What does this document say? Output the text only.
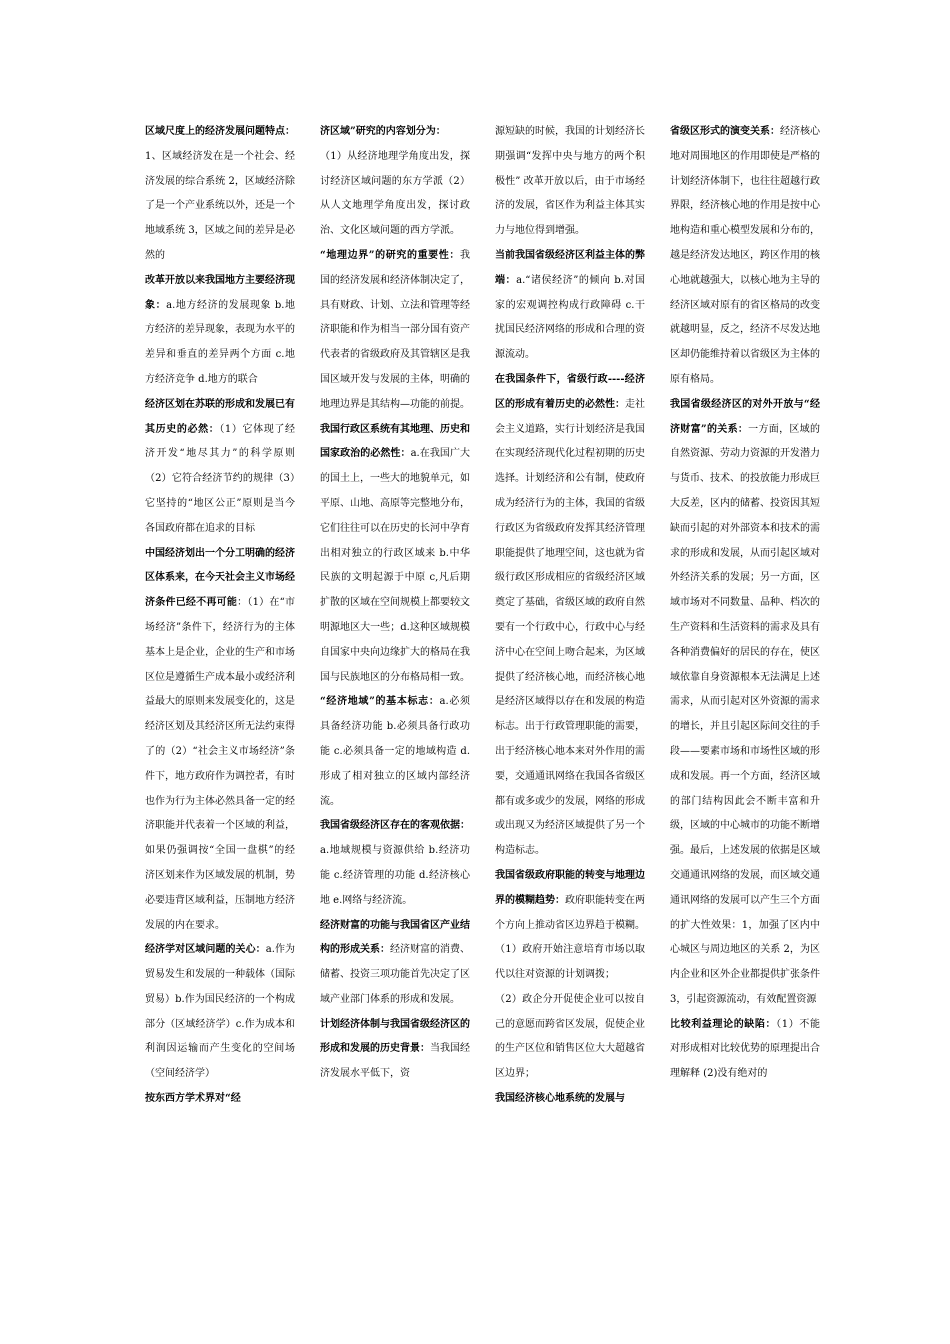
区域尺度上的经济发展问题特点：1、区域经济发在是一个社会、经济发展的综合系统 2，区域经济除了是一个产业系统以外，还是一个地域系统 3，区域之间的差异是必然的

改革开放以来我国地方主要经济现象：a.地方经济的发展现象 b.地方经济的差异现象，表现为水平的差异和垂直的差异两个方面 c.地方经济竞争 d.地方的联合

经济区划在苏联的形成和发展已有其历史的必然：（1）它体现了经济开发“地尽其力”的科学原则（2）它符合经济节约的规律（3）它坚持的“地区公正”原则是当今各国政府都在追求的目标

中国经济划出一个分工明确的经济区体系来，在今天社会主义市场经济条件已经不再可能：（1）在“市场经济”条件下，经济行为的主体基本上是企业，企业的生产和市场区位是遵循生产成本最小或经济利益最大的原则来发展变化的，这是经济区划及其经济区所无法约束得了的（2）“社会主义市场经济”条件下，地方政府作为调控者，有时也作为行为主体必然具备一定的经济职能并代表着一个区域的利益，如果仍强调按“全国一盘棋”的经济区划来作为区域发展的机制，势必要违背区域利益，压制地方经济发展的内在要求。

经济学对区域问题的关心：a.作为贸易发生和发展的一种载体（国际贸易）b.作为国民经济的一个构成部分（区域经济学）c.作为成本和利润因运输而产生变化的空间场（空间经济学）

按东西方学术界对“经

济区域”研究的内容划分为：

（1）从经济地理学角度出发，探讨经济区域问题的东方学派（2）从人文地理学角度出发，探讨政治、文化区域问题的西方学派。

“地理边界”的研究的重要性：我国的经济发展和经济体制决定了，具有财政、计划、立法和管理等经济职能和作为相当一部分国有资产代表者的省级政府及其管辖区是我国区域开发与发展的主体，明确的地理边界是其结构—功能的前提。

我国行政区系统有其地理、历史和国家政治的必然性：a.在我国广大的国土上，一些大的地貌单元，如平原、山地、高原等完整地分布，它们往往可以在历史的长河中孕育出相对独立的行政区域来 b.中华民族的文明起源于中原 c,凡后期扩散的区域在空间规模上都要较文明源地区大一些；d.这种区域规模自国家中央向边缘扩大的格局在我国与民族地区的分布格局相一致。

“经济地域”的基本标志：a.必须具备经济功能 b.必须具备行政功能 c.必须具备一定的地域构造 d.形成了相对独立的区域内部经济流。

我国省级经济区存在的客观依据：a.地域规模与资源供给 b.经济功能 c.经济管理的功能 d.经济核心地 e.网络与经济流。

经济财富的功能与我国省区产业结构的形成关系：经济财富的消费、储蓄、投资三项功能首先决定了区域产业部门体系的形成和发展。

计划经济体制与我国省级经济区的形成和发展的历史背景：当我国经济发展水平低下，资

源短缺的时候，我国的计划经济长期强调“发挥中央与地方的两个积极性” 改革开放以后，由于市场经济的发展，省区作为利益主体其实力与地位得到增强。

当前我国省级经济区利益主体的弊端：a.“诸侯经济”的倾向 b.对国家的宏观调控构成行政障碍 c.干扰国民经济网络的形成和合理的资源流动。

在我国条件下，省级行政----经济区的形成有着历史的必然性：走社会主义道路，实行计划经济是我国在实现经济现代化过程初期的历史选择。计划经济和公有制，使政府成为经济行为的主体，我国的省级行政区为省级政府发挥其经济管理职能提供了地理空间，这也就为省级行政区形成相应的省级经济区域奠定了基础，省级区域的政府自然要有一个行政中心，行政中心与经济中心在空间上吻合起来，为区域提供了经济核心地，而经济核心地是经济区域得以存在和发展的构造标志。出于行政管理职能的需要，出于经济核心地本来对外作用的需要，交通通讯网络在我国各省级区都有或多或少的发展，网络的形成或出现又为经济区域提供了另一个构造标志。

我国省级政府职能的转变与地理边界的模糊趋势：政府职能转变在两个方向上推动省区边界趋于模糊。（1）政府开始注意培育市场以取代以往对资源的计划调拨；

（2）政企分开促使企业可以按自己的意愿而跨省区发展，促使企业的生产区位和销售区位大大超越省区边界；

我国经济核心地系统的发展与

省级区形式的演变关系：经济核心地对周围地区的作用即使是严格的计划经济体制下，也往往超越行政界限，经济核心地的作用是按中心地构造和重心模型发展和分布的，越是经济发达地区，跨区作用的核心地就越强大，以核心地为主导的经济区域对原有的省区格局的改变就越明显，反之，经济不尽发达地区却仍能维持着以省级区为主体的原有格局。

我国省级经济区的对外开放与“经济财富”的关系：一方面，区域的自然资源、劳动力资源的开发潜力与货币、技术、的投放能力形成巨大反差，区内的储蓄、投资因其短缺而引起的对外部资本和技术的需求的形成和发展，从而引起区域对外经济关系的发展；另一方面，区域市场对不同数量、品种、档次的生产资料和生活资料的需求及具有各种消费偏好的居民的存在，使区域依靠自身资源根本无法满足上述需求，从而引起对区外资源的需求的增长，并且引起区际间交往的手段——要素市场和市场性区域的形成和发展。再一个方面，经济区域的部门结构因此会不断丰富和升级，区域的中心城市的功能不断增强。最后，上述发展的依据是区域交通通讯网络的发展，而区域交通通讯网络的发展可以产生三个方面的扩大性效果：1，加强了区内中心城区与周边地区的关系 2，为区内企业和区外企业都提供扩张条件 3，引起资源流动，有效配置资源

比较利益理论的缺陷：（1）不能对形成相对比较优势的原理提出合理解释 (2)没有绝对的
